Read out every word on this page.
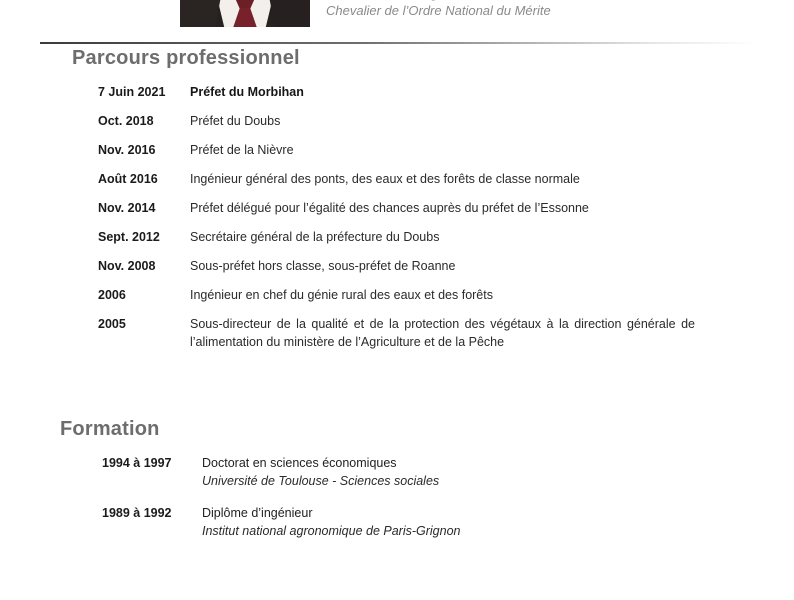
Chevalier de l’Ordre National du Mérite
Parcours professionnel
7 Juin 2021	Préfet du Morbihan
Oct. 2018	Préfet du Doubs
Nov. 2016	Préfet de la Nièvre
Août 2016	Ingénieur général des ponts, des eaux et des forêts de classe normale
Nov. 2014	Préfet délégué pour l’égalité des chances auprès du préfet de l’Essonne
Sept. 2012	Secrétaire général de la préfecture du Doubs
Nov. 2008	Sous-préfet hors classe, sous-préfet de Roanne
2006	Ingénieur en chef du génie rural des eaux et des forêts
2005	Sous-directeur de la qualité et de la protection des végétaux à la direction générale de l’alimentation du ministère de l’Agriculture et de la Pêche
Formation
1994 à 1997	Doctorat en sciences économiques
Université de Toulouse - Sciences sociales
1989 à 1992	Diplôme d’ingénieur
Institut national agronomique de Paris-Grignon
